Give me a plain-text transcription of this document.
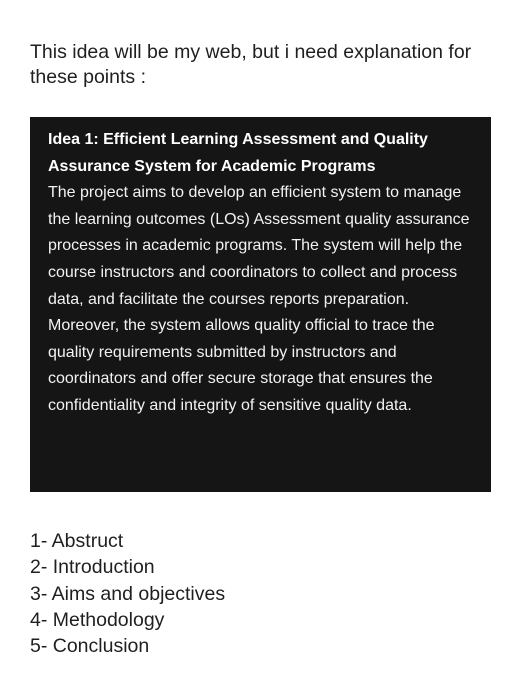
This idea will be my web, but i need explanation for these points :

Idea 1: Efficient Learning Assessment and Quality Assurance System for Academic Programs

The project aims to develop an efficient system to manage the learning outcomes (LOs) Assessment quality assurance processes in academic programs. The system will help the course instructors and coordinators to collect and process data, and facilitate the courses reports preparation. Moreover, the system allows quality official to trace the quality requirements submitted by instructors and coordinators and offer secure storage that ensures the confidentiality and integrity of sensitive quality data.

1- Abstruct
2- Introduction
3- Aims and objectives
4- Methodology
5- Conclusion
